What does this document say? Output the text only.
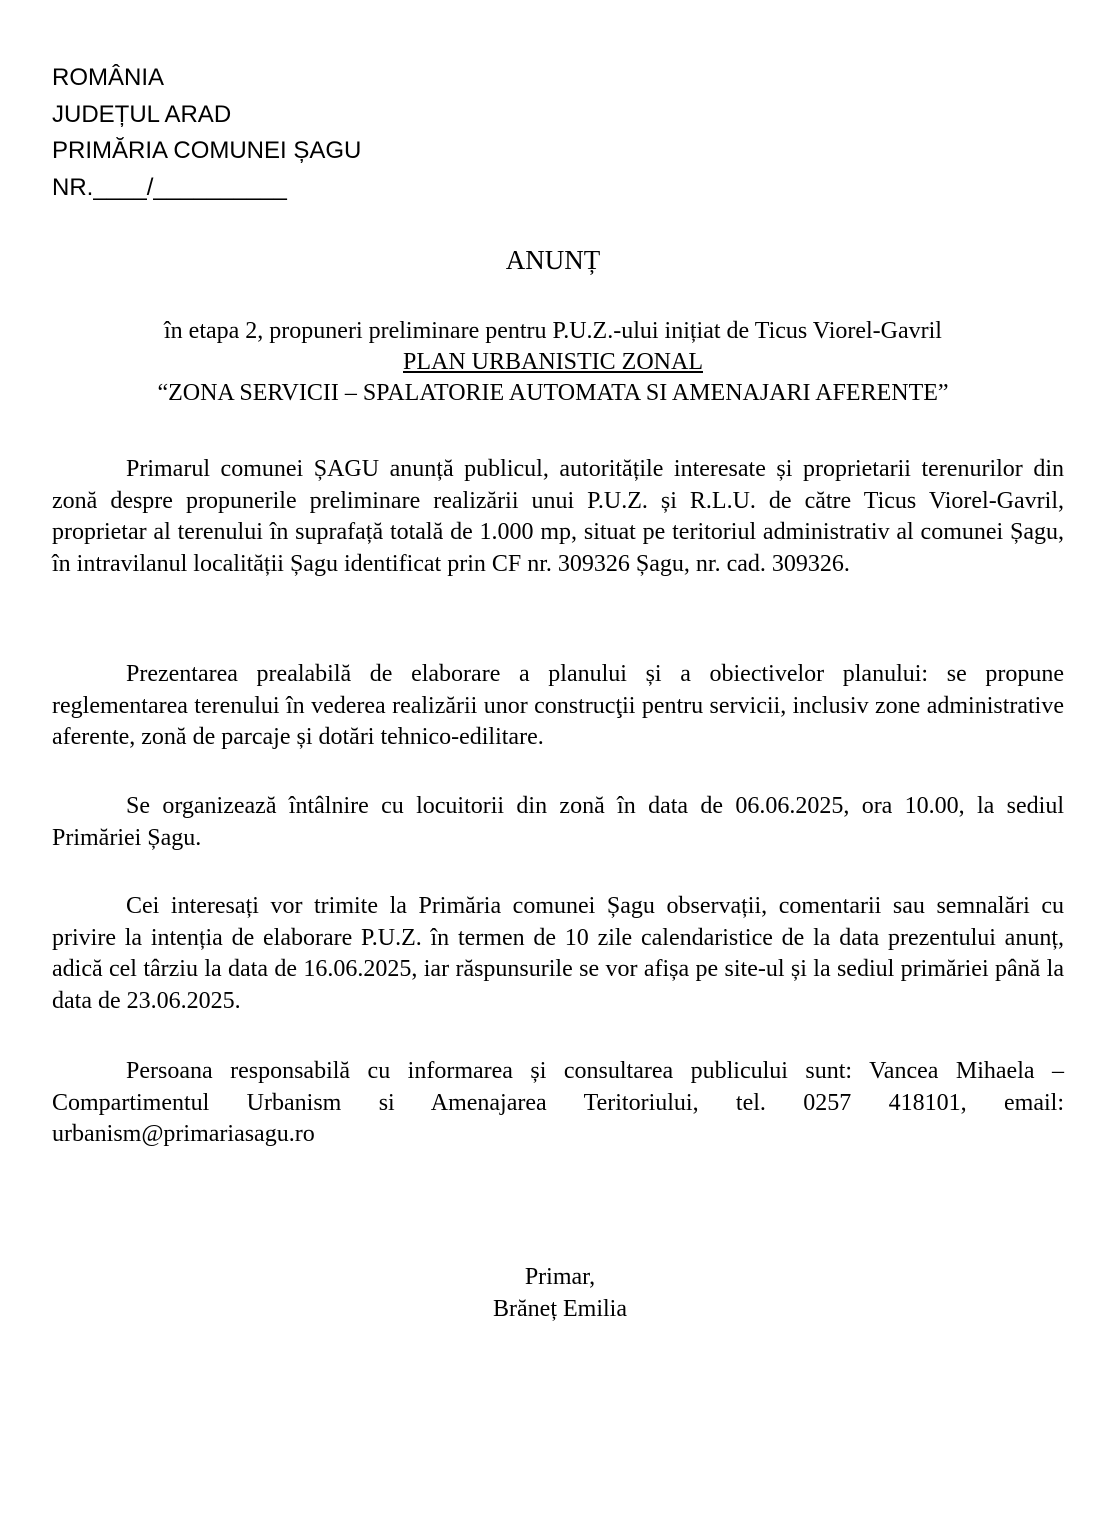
ROMÂNIA
JUDEȚUL ARAD
PRIMĂRIA COMUNEI ȘAGU
NR.____/__________
ANUNȚ
în etapa 2, propuneri preliminare pentru P.U.Z.-ului inițiat de Ticus Viorel-Gavril
PLAN URBANISTIC ZONAL
“ZONA SERVICII – SPALATORIE AUTOMATA SI AMENAJARI AFERENTE”

Primarul comunei ȘAGU anunță publicul, autoritățile interesate și proprietarii terenurilor din zonă despre propunerile preliminare realizării unui P.U.Z. și R.L.U. de către Ticus Viorel-Gavril, proprietar al terenului în suprafață totală de 1.000 mp, situat pe teritoriul administrativ al comunei Șagu, în intravilanul localității Șagu identificat prin CF nr. 309326 Șagu, nr. cad. 309326.

Prezentarea prealabilă de elaborare a planului și a obiectivelor planului: se propune reglementarea terenului în vederea realizării unor construcţii pentru servicii, inclusiv zone administrative aferente, zonă de parcaje și dotări tehnico-edilitare.

Se organizează întâlnire cu locuitorii din zonă în data de 06.06.2025, ora 10.00, la sediul Primăriei Șagu.

Cei interesați vor trimite la Primăria comunei Șagu observații, comentarii sau semnalări cu privire la intenția de elaborare P.U.Z. în termen de 10 zile calendaristice de la data prezentului anunț, adică cel târziu la data de 16.06.2025, iar răspunsurile se vor afișa pe site-ul și la sediul primăriei până la data de 23.06.2025.

Persoana responsabilă cu informarea și consultarea publicului sunt: Vancea Mihaela – Compartimentul Urbanism si Amenajarea Teritoriului, tel. 0257 418101, email: urbanism@primariasagu.ro

Primar,
Brăneț Emilia
